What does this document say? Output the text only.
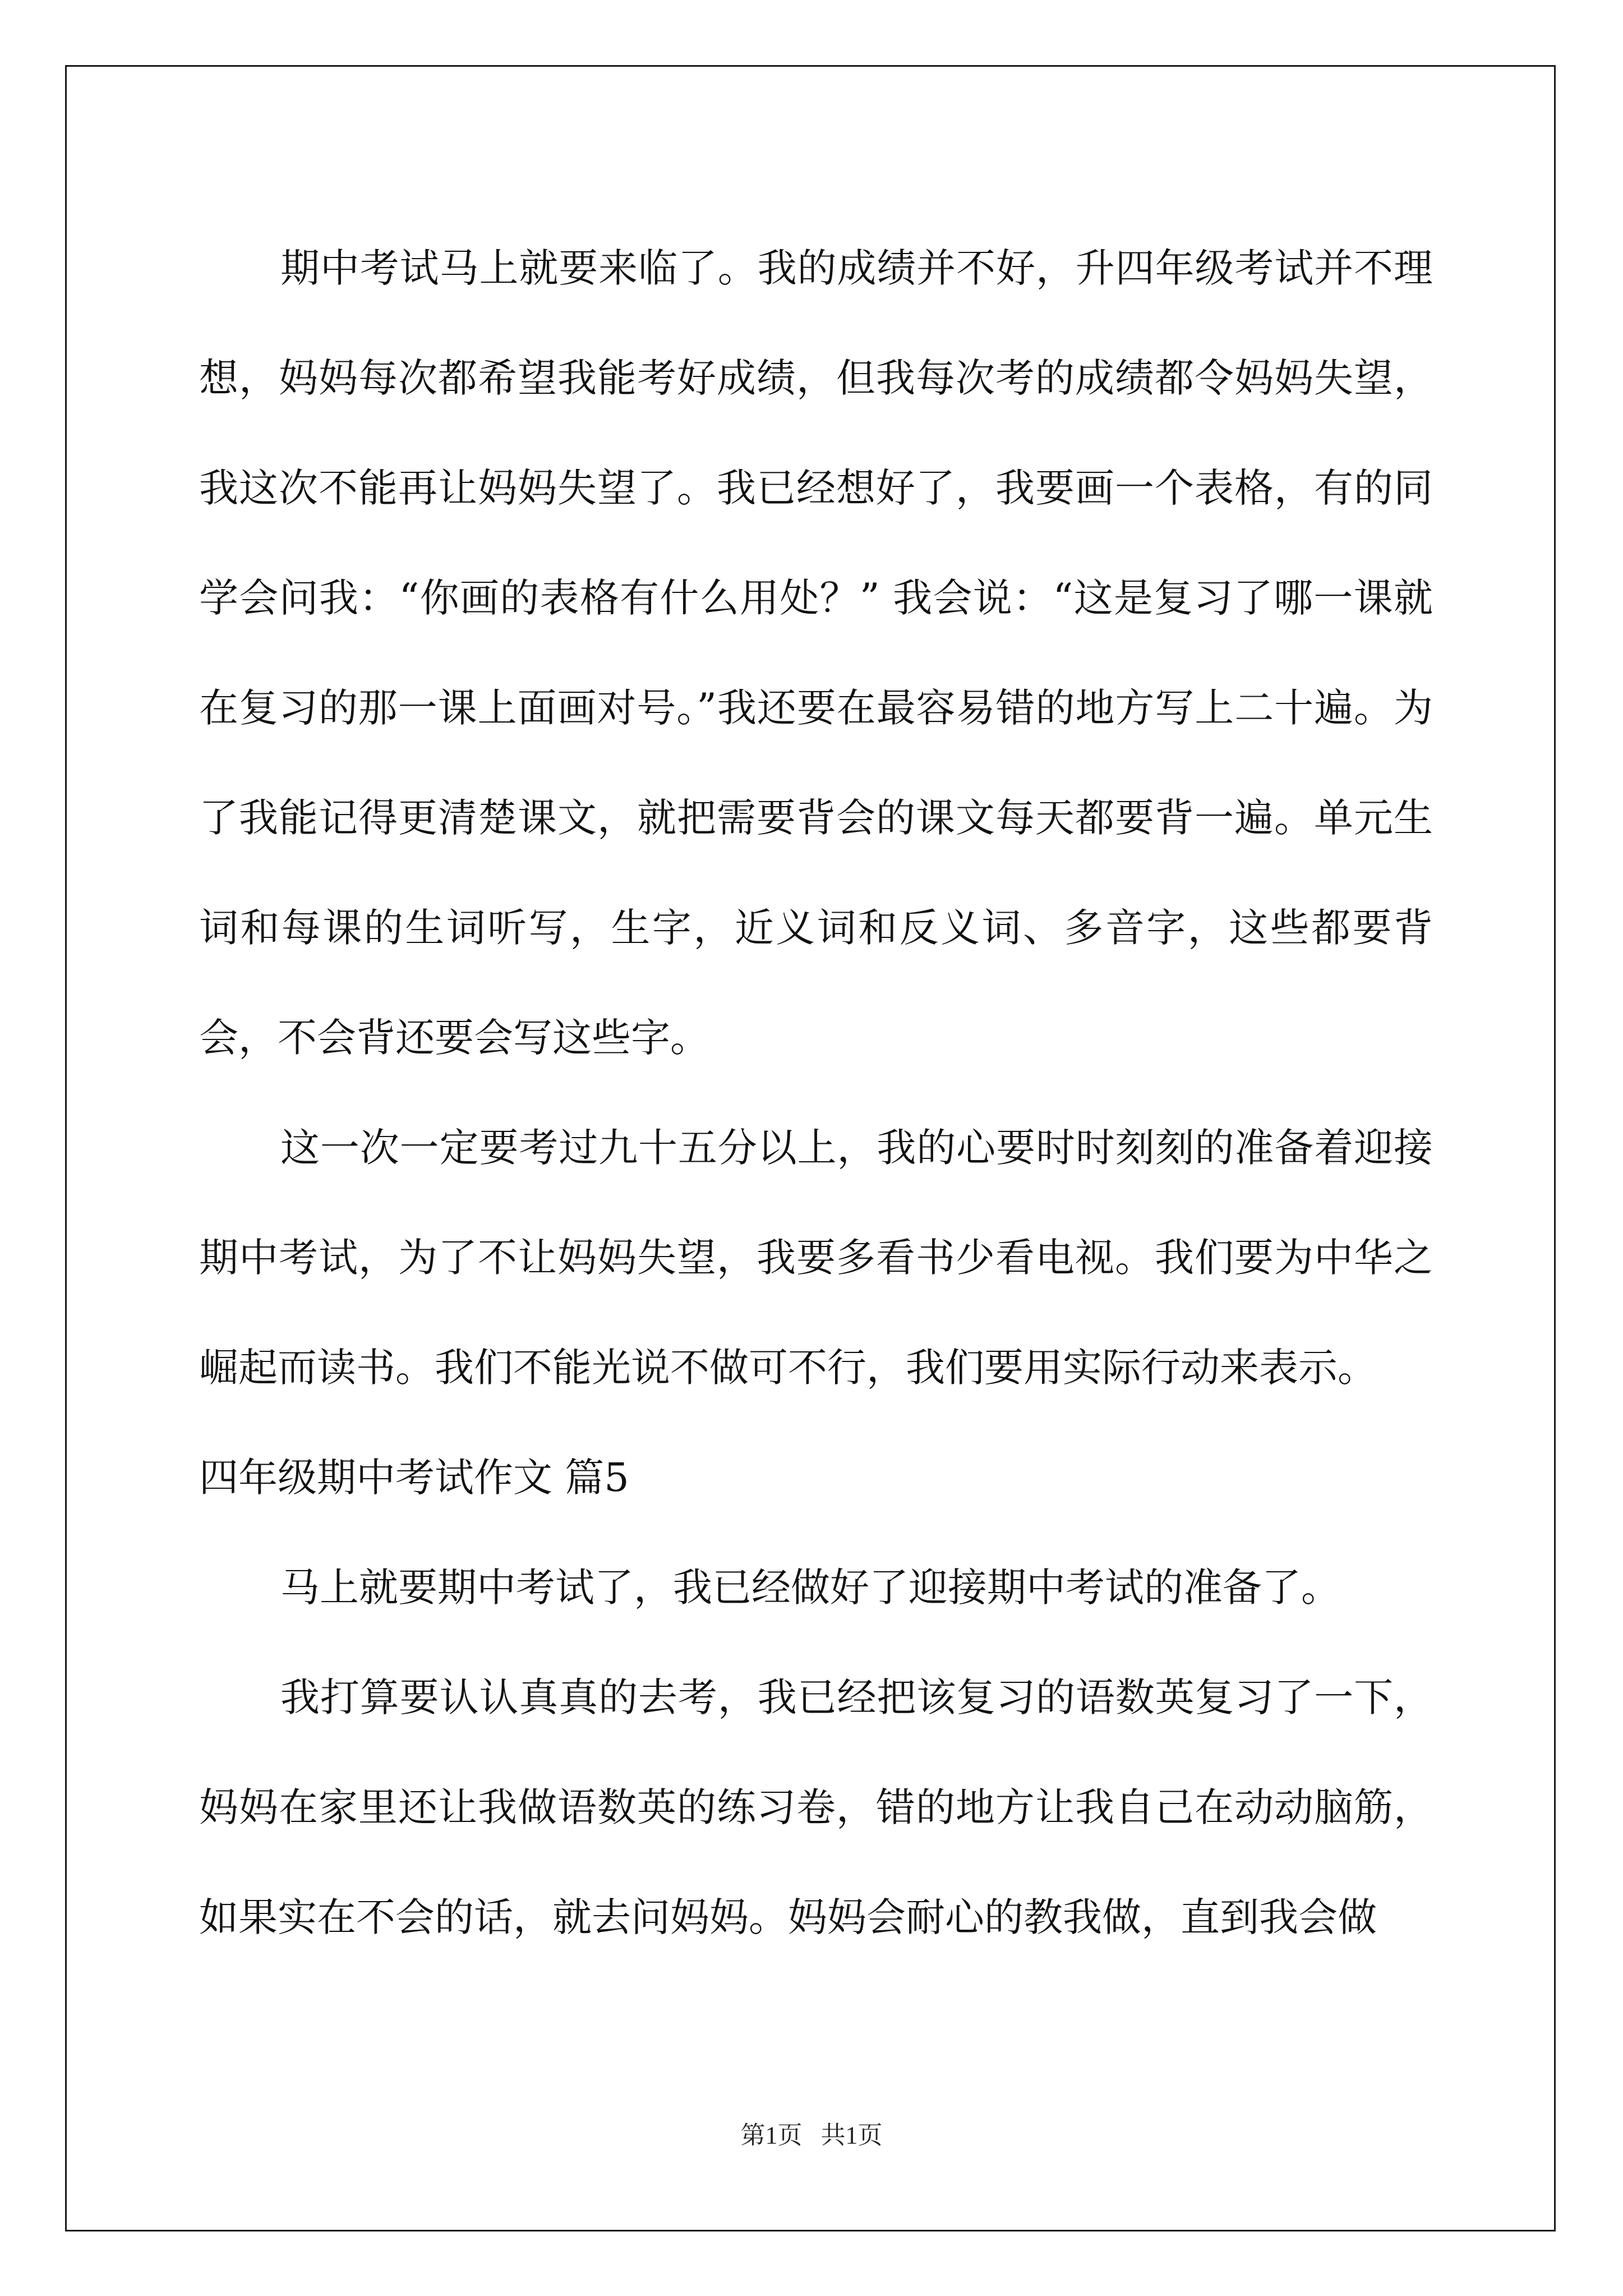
期中考试马上就要来临了。我的成绩并不好，升四年级考试并不理想，妈妈每次都希望我能考好成绩，但我每次考的成绩都令妈妈失望，我这次不能再让妈妈失望了。我已经想好了，我要画一个表格，有的同学会问我：“你画的表格有什么用处？” 我会说：“这是复习了哪一课就在复习的那一课上面画对号。”我还要在最容易错的地方写上二十遍。为了我能记得更清楚课文，就把需要背会的课文每天都要背一遍。单元生词和每课的生词听写，生字，近义词和反义词、多音字，这些都要背会，不会背还要会写这些字。

这一次一定要考过九十五分以上，我的心要时时刻刻的准备着迎接期中考试，为了不让妈妈失望，我要多看书少看电视。我们要为中华之崛起而读书。我们不能光说不做可不行，我们要用实际行动来表示。

四年级期中考试作文 篇5

马上就要期中考试了，我已经做好了迎接期中考试的准备了。

我打算要认认真真的去考，我已经把该复习的语数英复习了一下，妈妈在家里还让我做语数英的练习卷，错的地方让我自己在动动脑筋，如果实在不会的话，就去问妈妈。妈妈会耐心的教我做，直到我会做

第1页   共1页
